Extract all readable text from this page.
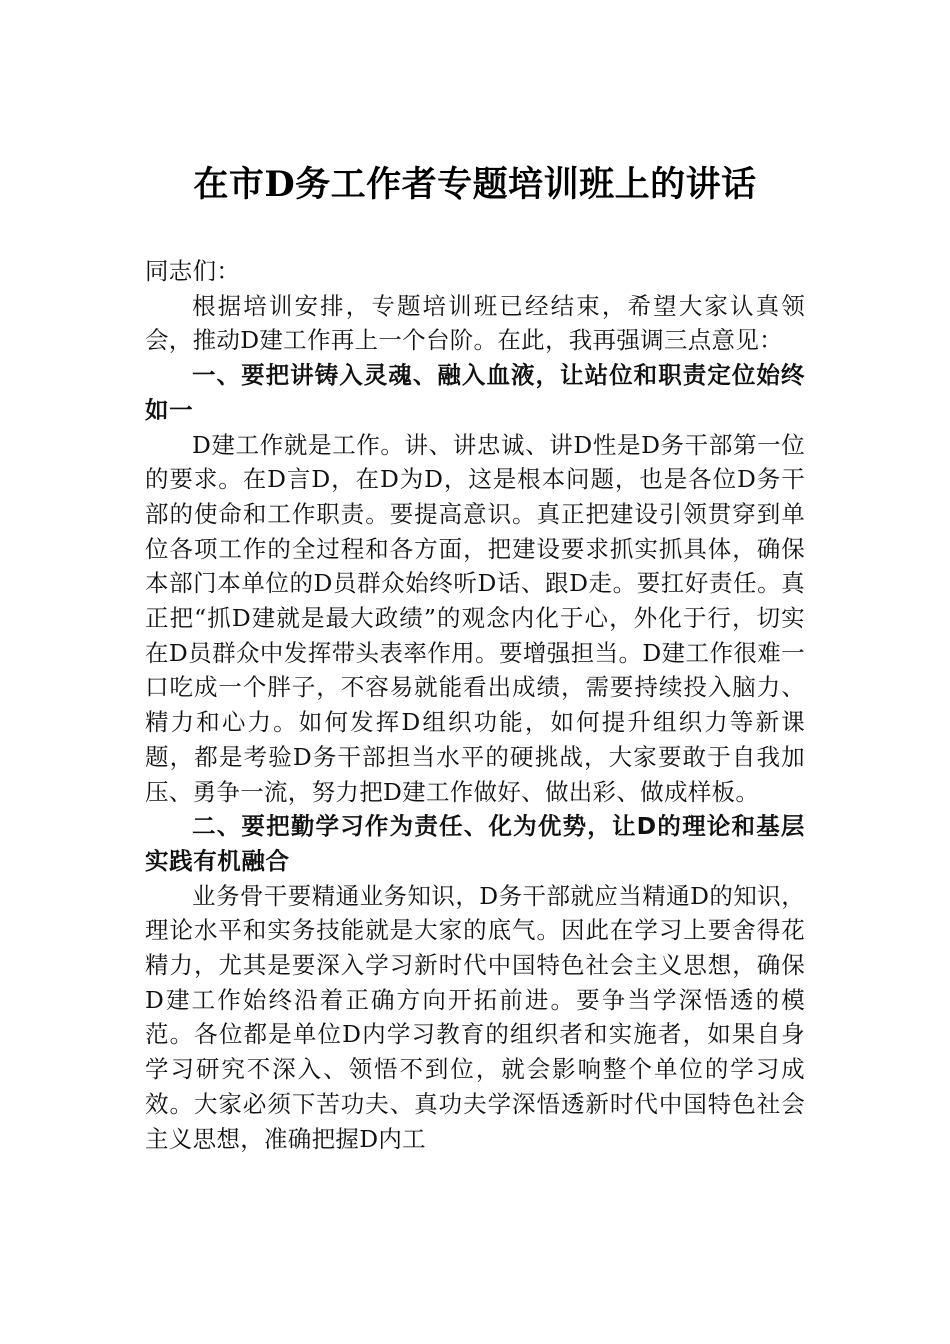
在市D务工作者专题培训班上的讲话

同志们：

根据培训安排，专题培训班已经结束，希望大家认真领会，推动D建工作再上一个台阶。在此，我再强调三点意见：

一、要把讲铸入灵魂、融入血液，让站位和职责定位始终如一

D建工作就是工作。讲、讲忠诚、讲D性是D务干部第一位的要求。在D言D，在D为D，这是根本问题，也是各位D务干部的使命和工作职责。要提高意识。真正把建设引领贯穿到单位各项工作的全过程和各方面，把建设要求抓实抓具体，确保本部门本单位的D员群众始终听D话、跟D走。要扛好责任。真正把“抓D建就是最大政绩”的观念内化于心，外化于行，切实在D员群众中发挥带头表率作用。要增强担当。D建工作很难一口吃成一个胖子，不容易就能看出成绩，需要持续投入脑力、精力和心力。如何发挥D组织功能，如何提升组织力等新课题，都是考验D务干部担当水平的硬挑战，大家要敢于自我加压、勇争一流，努力把D建工作做好、做出彩、做成样板。

二、要把勤学习作为责任、化为优势，让D的理论和基层实践有机融合

业务骨干要精通业务知识，D务干部就应当精通D的知识，理论水平和实务技能就是大家的底气。因此在学习上要舍得花精力，尤其是要深入学习新时代中国特色社会主义思想，确保D建工作始终沿着正确方向开拓前进。要争当学深悟透的模范。各位都是单位D内学习教育的组织者和实施者，如果自身学习研究不深入、领悟不到位，就会影响整个单位的学习成效。大家必须下苦功夫、真功夫学深悟透新时代中国特色社会主义思想，准确把握D内工
